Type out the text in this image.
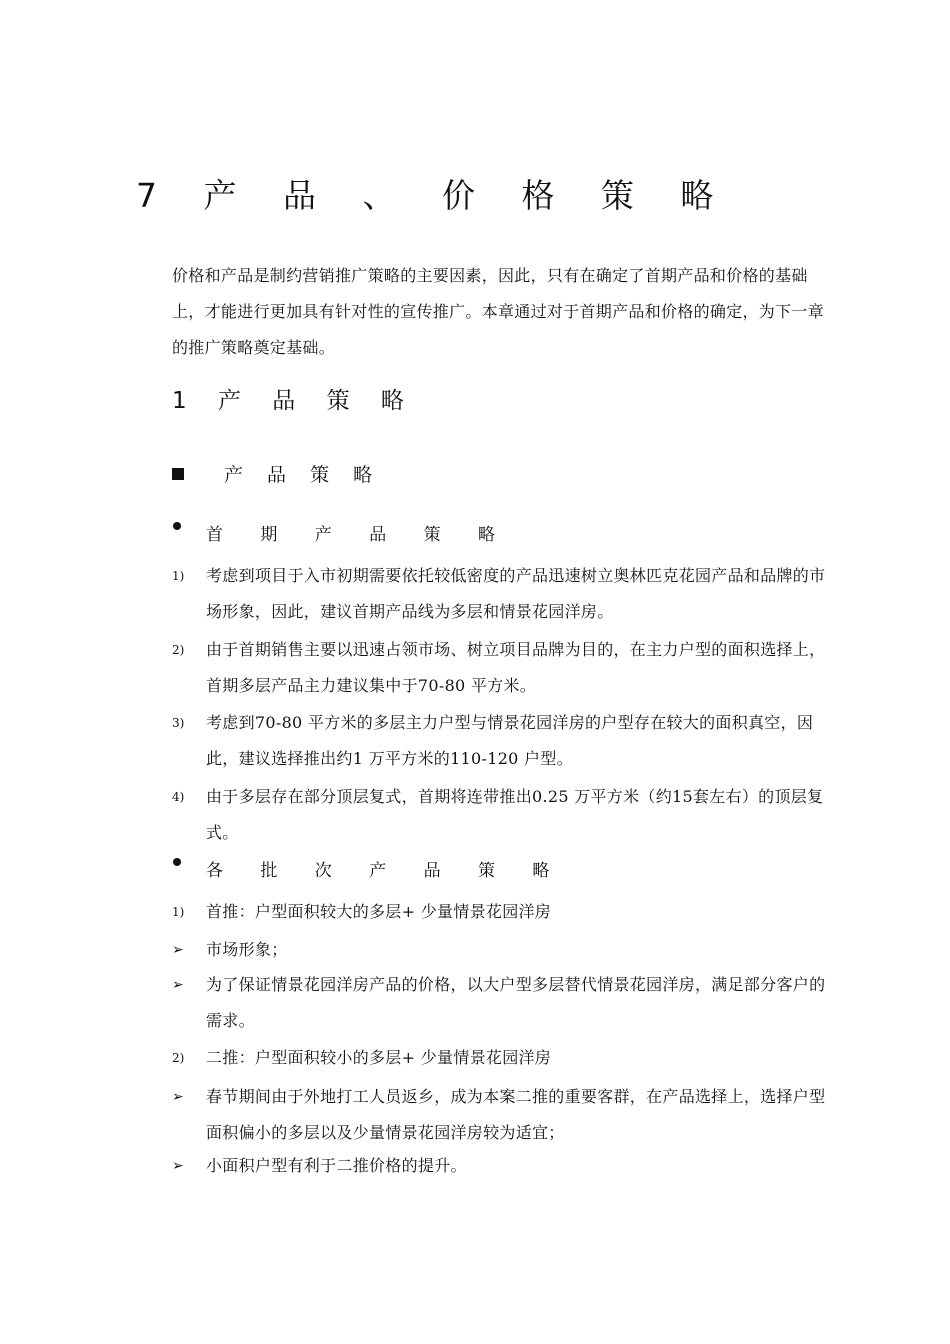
7 产 品 、 价 格 策 略

价格和产品是制约营销推广策略的主要因素，因此，只有在确定了首期产品和价格的基础上，才能进行更加具有针对性的宣传推广。本章通过对于首期产品和价格的确定，为下一章的推广策略奠定基础。

1 产 品 策 略
产 品 策 略
首 期 产 品 策 略
1)	考虑到项目于入市初期需要依托较低密度的产品迅速树立奥林匹克花园产品和品牌的市场形象，因此，建议首期产品线为多层和情景花园洋房。
2)	由于首期销售主要以迅速占领市场、树立项目品牌为目的，在主力户型的面积选择上，首期多层产品主力建议集中于70-80 平方米。
3)	考虑到70-80 平方米的多层主力户型与情景花园洋房的户型存在较大的面积真空，因此，建议选择推出约1 万平方米的110-120 户型。
4)	由于多层存在部分顶层复式，首期将连带推出0.25 万平方米（约15套左右）的顶层复式。
各 批 次 产 品 策 略
1)	首推：户型面积较大的多层+ 少量情景花园洋房
➢	市场形象；
➢	为了保证情景花园洋房产品的价格，以大户型多层替代情景花园洋房，满足部分客户的需求。
2)	二推：户型面积较小的多层+ 少量情景花园洋房
➢	春节期间由于外地打工人员返乡，成为本案二推的重要客群，在产品选择上，选择户型面积偏小的多层以及少量情景花园洋房较为适宜；
➢	小面积户型有利于二推价格的提升。
